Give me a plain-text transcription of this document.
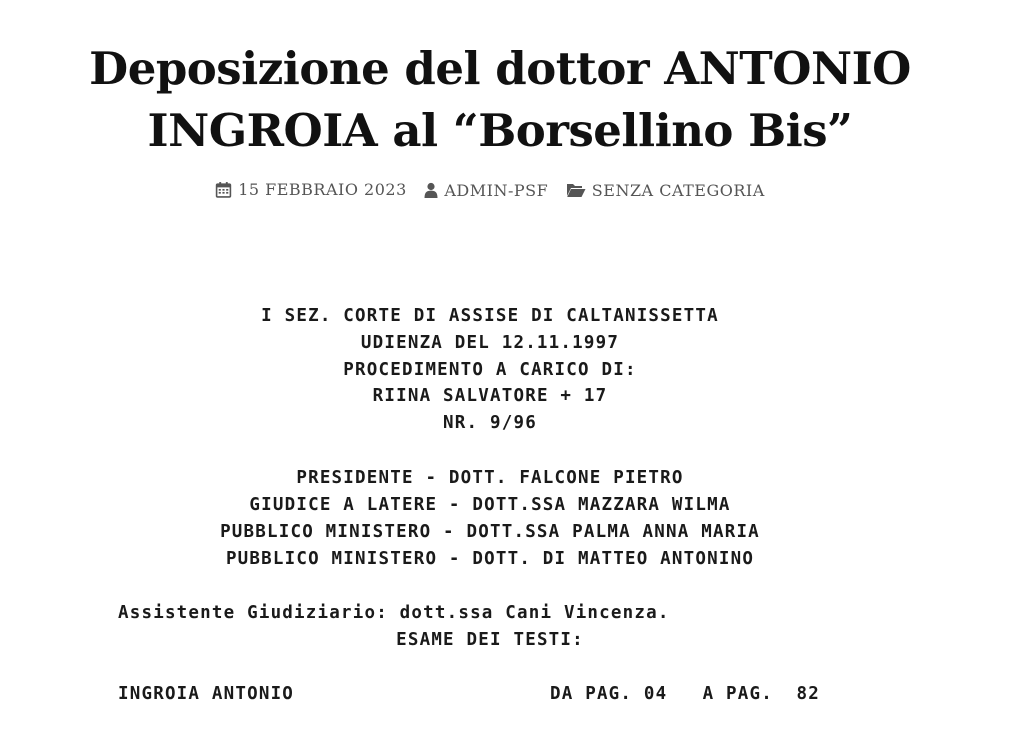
Deposizione del dottor ANTONIO INGROIA al “Borsellino Bis”
15 FEBBRAIO 2023
ADMIN-PSF
	SENZA CATEGORIA
I SEZ. CORTE DI ASSISE DI CALTANISSETTA
UDIENZA DEL 12.11.1997
PROCEDIMENTO A CARICO DI:
RIINA SALVATORE + 17
NR. 9/96
PRESIDENTE - DOTT. FALCONE PIETRO
GIUDICE A LATERE - DOTT.SSA MAZZARA WILMA
PUBBLICO MINISTERO - DOTT.SSA PALMA ANNA MARIA
PUBBLICO MINISTERO - DOTT. DI MATTEO ANTONINO
Assistente Giudiziario: dott.ssa Cani Vincenza.
ESAME DEI TESTI:
INGROIA ANTONIO	DA PAG. 04   A PAG.  82
